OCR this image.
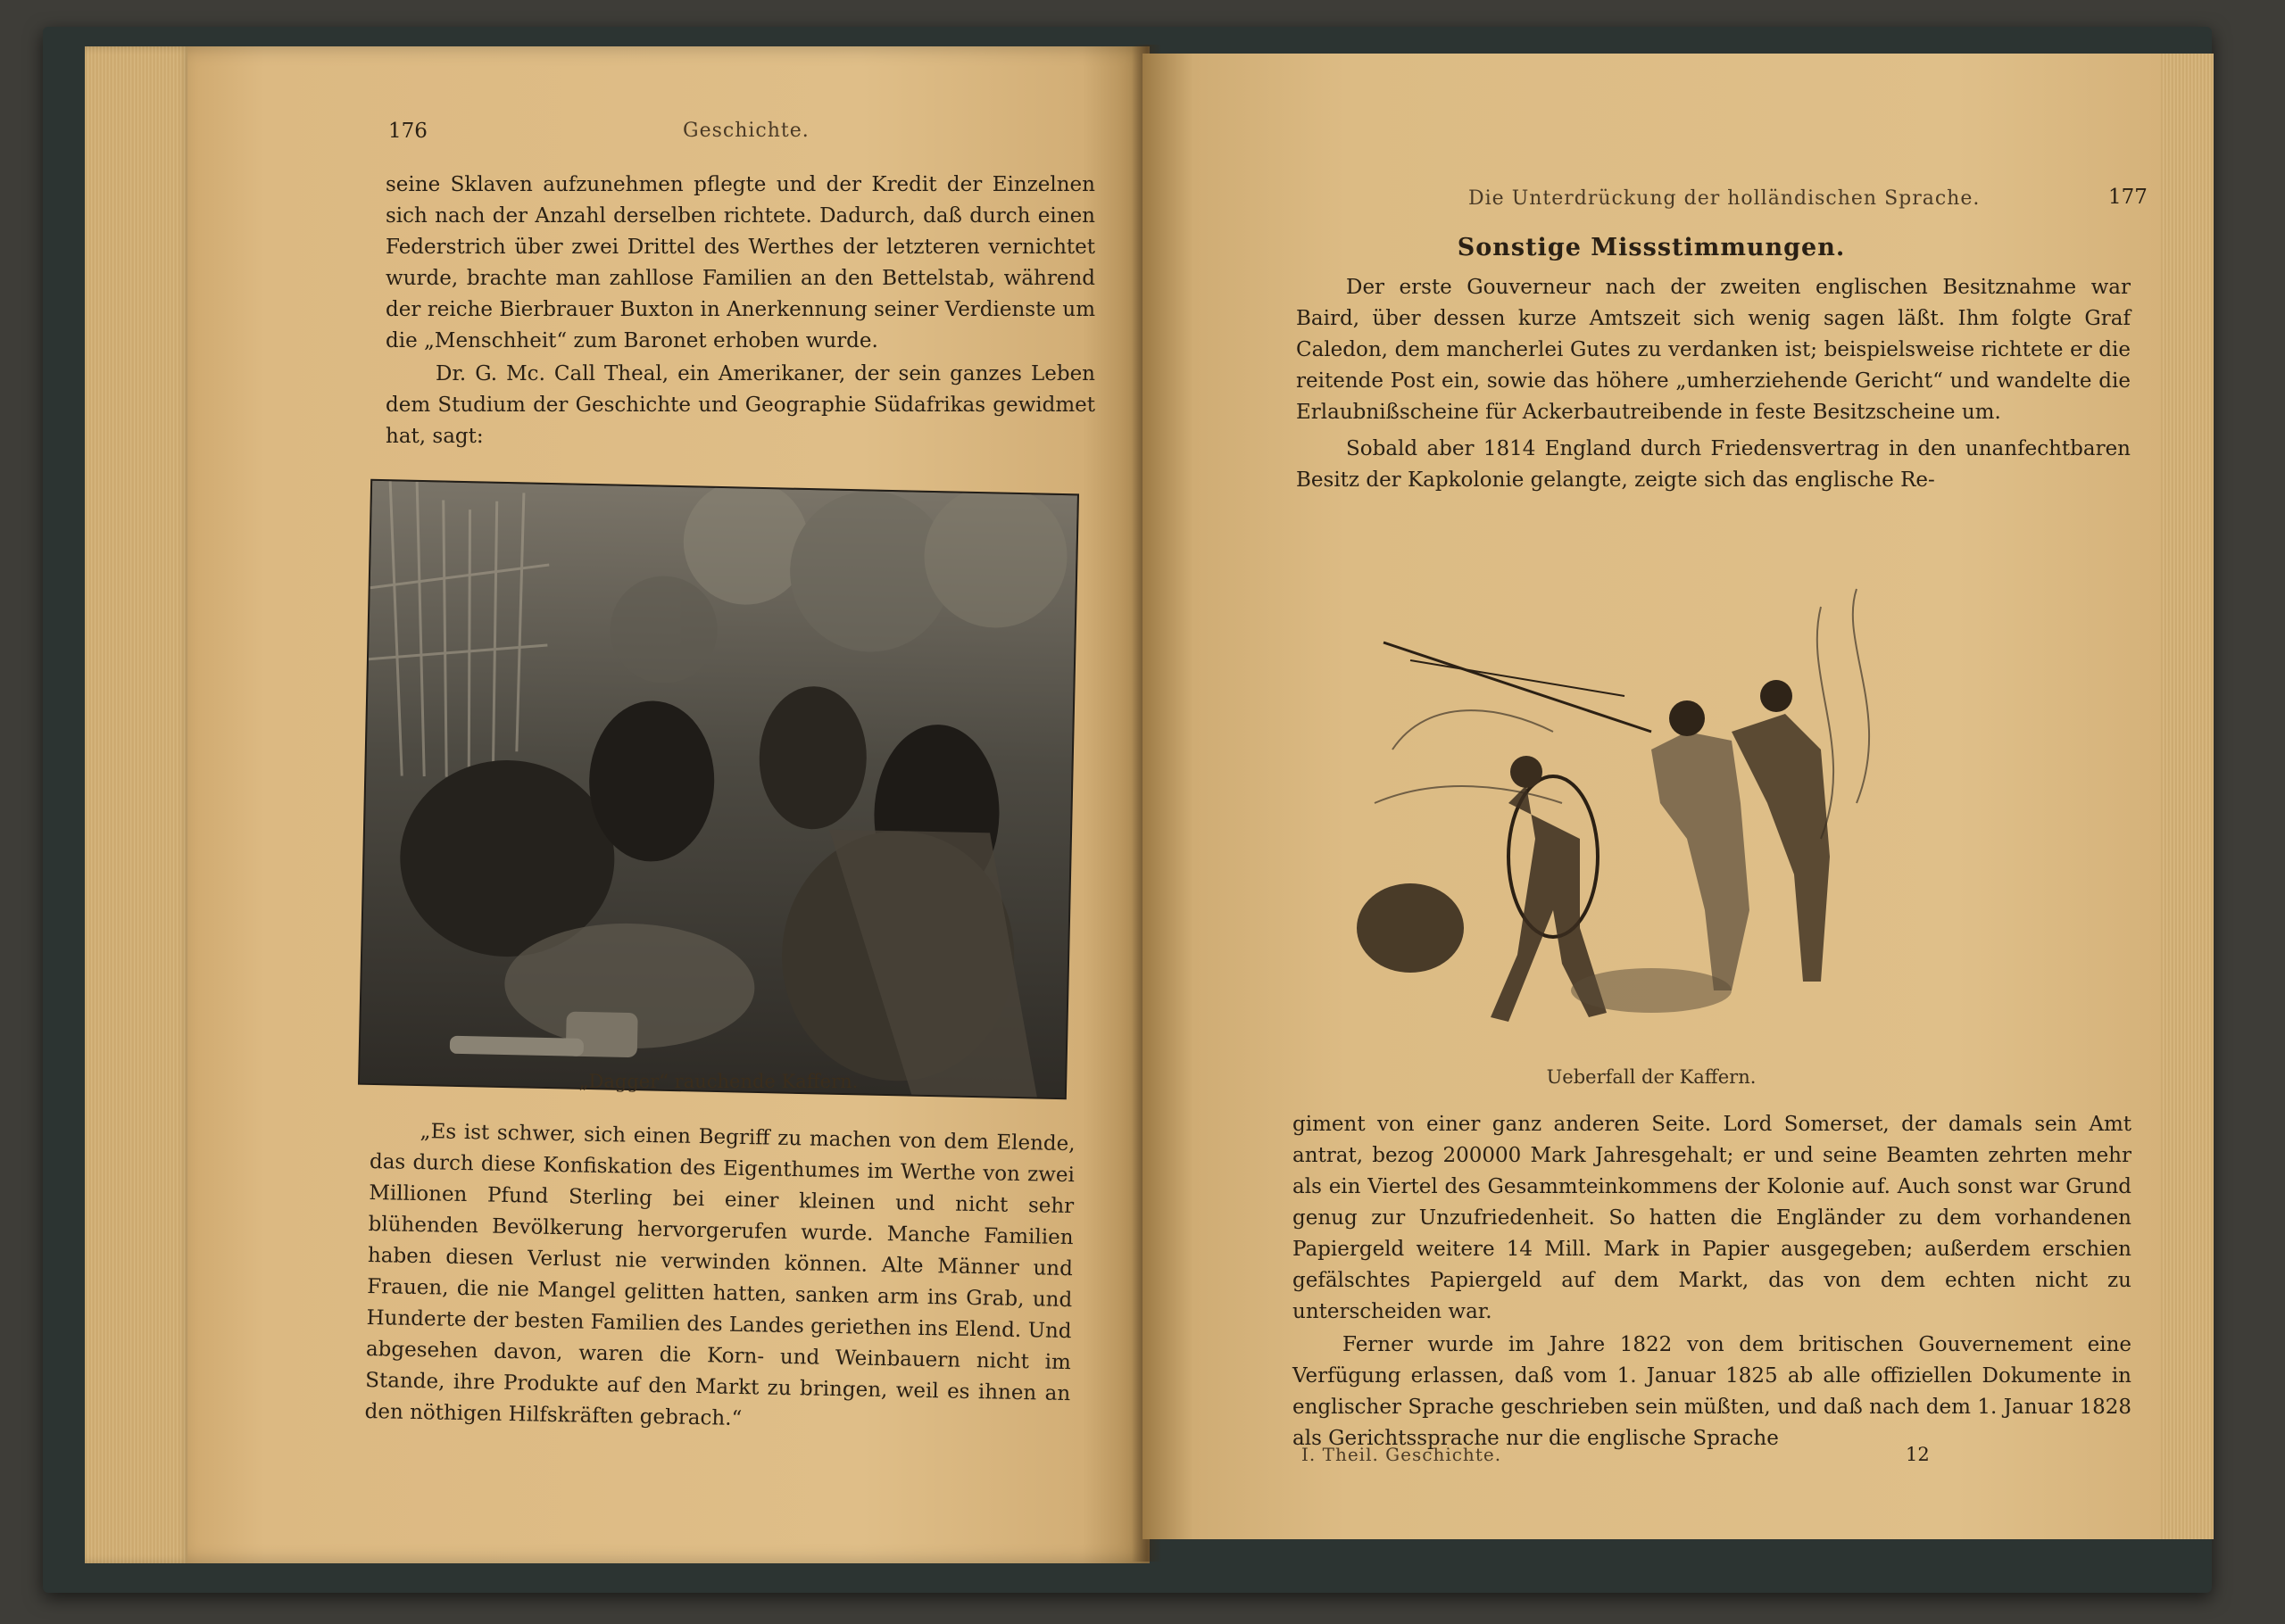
176	Geschichte.

seine Sklaven aufzunehmen pflegte und der Kredit der Einzelnen sich nach der Anzahl derselben richtete. Dadurch, daß durch einen Federstrich über zwei Drittel des Werthes der letzteren vernichtet wurde, brachte man zahllose Familien an den Bettelstab, während der reiche Bierbrauer Buxton in Anerkennung seiner Verdienste um die „Menschheit“ zum Baronet erhoben wurde.

Dr. G. Mc. Call Theal, ein Amerikaner, der sein ganzes Leben dem Studium der Geschichte und Geographie Südafrikas gewidmet hat, sagt:

„Dagger“ rauchende Kaffern.

„Es ist schwer, sich einen Begriff zu machen von dem Elende, das durch diese Konfiskation des Eigenthumes im Werthe von zwei Millionen Pfund Sterling bei einer kleinen und nicht sehr blühenden Bevölkerung hervorgerufen wurde. Manche Familien haben diesen Verlust nie verwinden können. Alte Männer und Frauen, die nie Mangel gelitten hatten, sanken arm ins Grab, und Hunderte der besten Familien des Landes geriethen ins Elend. Und abgesehen davon, waren die Korn- und Weinbauern nicht im Stande, ihre Produkte auf den Markt zu bringen, weil es ihnen an den nöthigen Hilfskräften gebrach.“

Die Unterdrückung der holländischen Sprache.	177
Sonstige Missstimmungen.

Der erste Gouverneur nach der zweiten englischen Besitznahme war Baird, über dessen kurze Amtszeit sich wenig sagen läßt. Ihm folgte Graf Caledon, dem mancherlei Gutes zu verdanken ist; beispielsweise richtete er die reitende Post ein, sowie das höhere „umherziehende Gericht“ und wandelte die Erlaubnißscheine für Ackerbautreibende in feste Besitzscheine um.

Sobald aber 1814 England durch Friedensvertrag in den unanfechtbaren Besitz der Kapkolonie gelangte, zeigte sich das englische Re-

Ueberfall der Kaffern.

giment von einer ganz anderen Seite. Lord Somerset, der damals sein Amt antrat, bezog 200000 Mark Jahresgehalt; er und seine Beamten zehrten mehr als ein Viertel des Gesammteinkommens der Kolonie auf. Auch sonst war Grund genug zur Unzufriedenheit. So hatten die Engländer zu dem vorhandenen Papiergeld weitere 14 Mill. Mark in Papier ausgegeben; außerdem erschien gefälschtes Papiergeld auf dem Markt, das von dem echten nicht zu unterscheiden war.

Ferner wurde im Jahre 1822 von dem britischen Gouvernement eine Verfügung erlassen, daß vom 1. Januar 1825 ab alle offiziellen Dokumente in englischer Sprache geschrieben sein müßten, und daß nach dem 1. Januar 1828 als Gerichtssprache nur die englische Sprache

I. Theil. Geschichte.	12
